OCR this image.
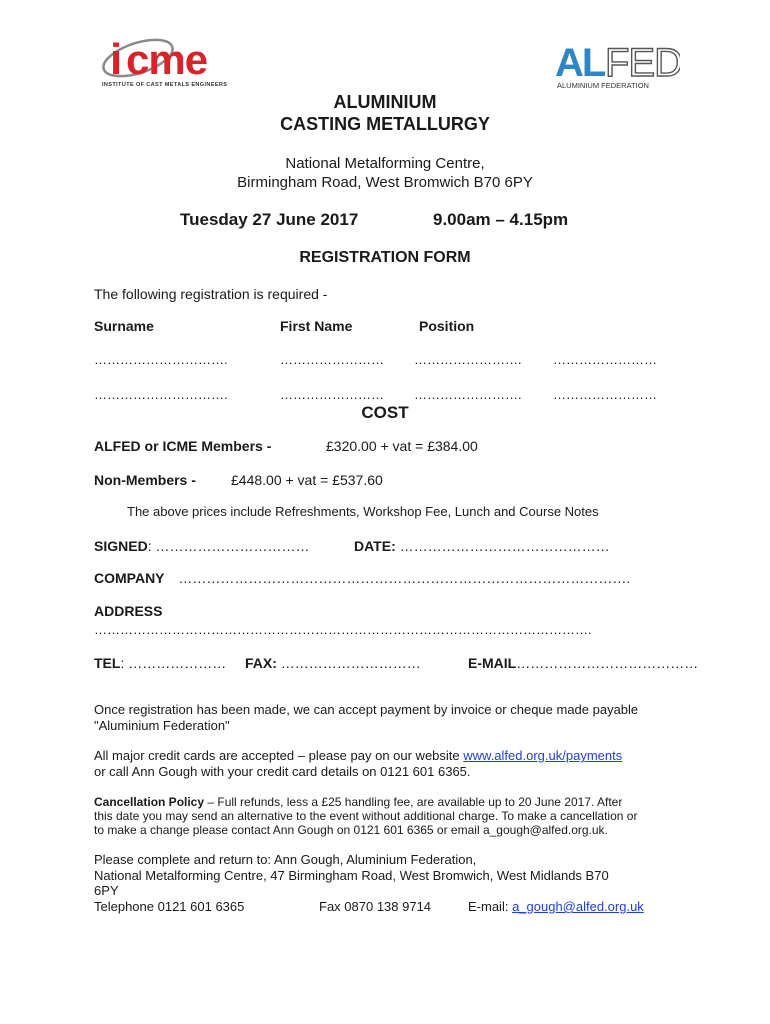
i cme
INSTITUTE OF CAST METALS ENGINEERS	AL FED
ALUMINIUM FEDERATION
ALUMINIUM
CASTING METALLURGY
National Metalforming Centre,
Birmingham Road, West Bromwich B70 6PY
Tuesday 27 June 2017	9.00am – 4.15pm
REGISTRATION FORM
The following registration is required -
Surname	First Name	Position
………………………….	…………………… ……………………. ……………………
………………………….	…………………… ……………………. ……………………
COST
ALFED or ICME Members -	£320.00 + vat = £384.00
Non-Members -	£448.00 + vat = £537.60
The above prices include Refreshments, Workshop Fee, Lunch and Course Notes
SIGNED: ……………………………	DATE: ………………………………………
COMPANY …………………………………………………………………………………….
ADDRESS
…………………………………………………………………………………………………….
TEL: ………………… FAX: …………………………	E-MAIL…………………………………
Once registration has been made, we can accept payment by invoice or cheque made payable
"Aluminium Federation"
All major credit cards are accepted – please pay on our website www.alfed.org.uk/payments
or call Ann Gough with your credit card details on 0121 601 6365.
Cancellation Policy – Full refunds, less a £25 handling fee, are available up to 20 June 2017. After
this date you may send an alternative to the event without additional charge. To make a cancellation or
to make a change please contact Ann Gough on 0121 601 6365 or email a_gough@alfed.org.uk.
Please complete and return to: Ann Gough, Aluminium Federation,
National Metalforming Centre, 47 Birmingham Road, West Bromwich, West Midlands B70
6PY
Telephone 0121 601 6365	Fax 0870 138 9714	E-mail: a_gough@alfed.org.uk
